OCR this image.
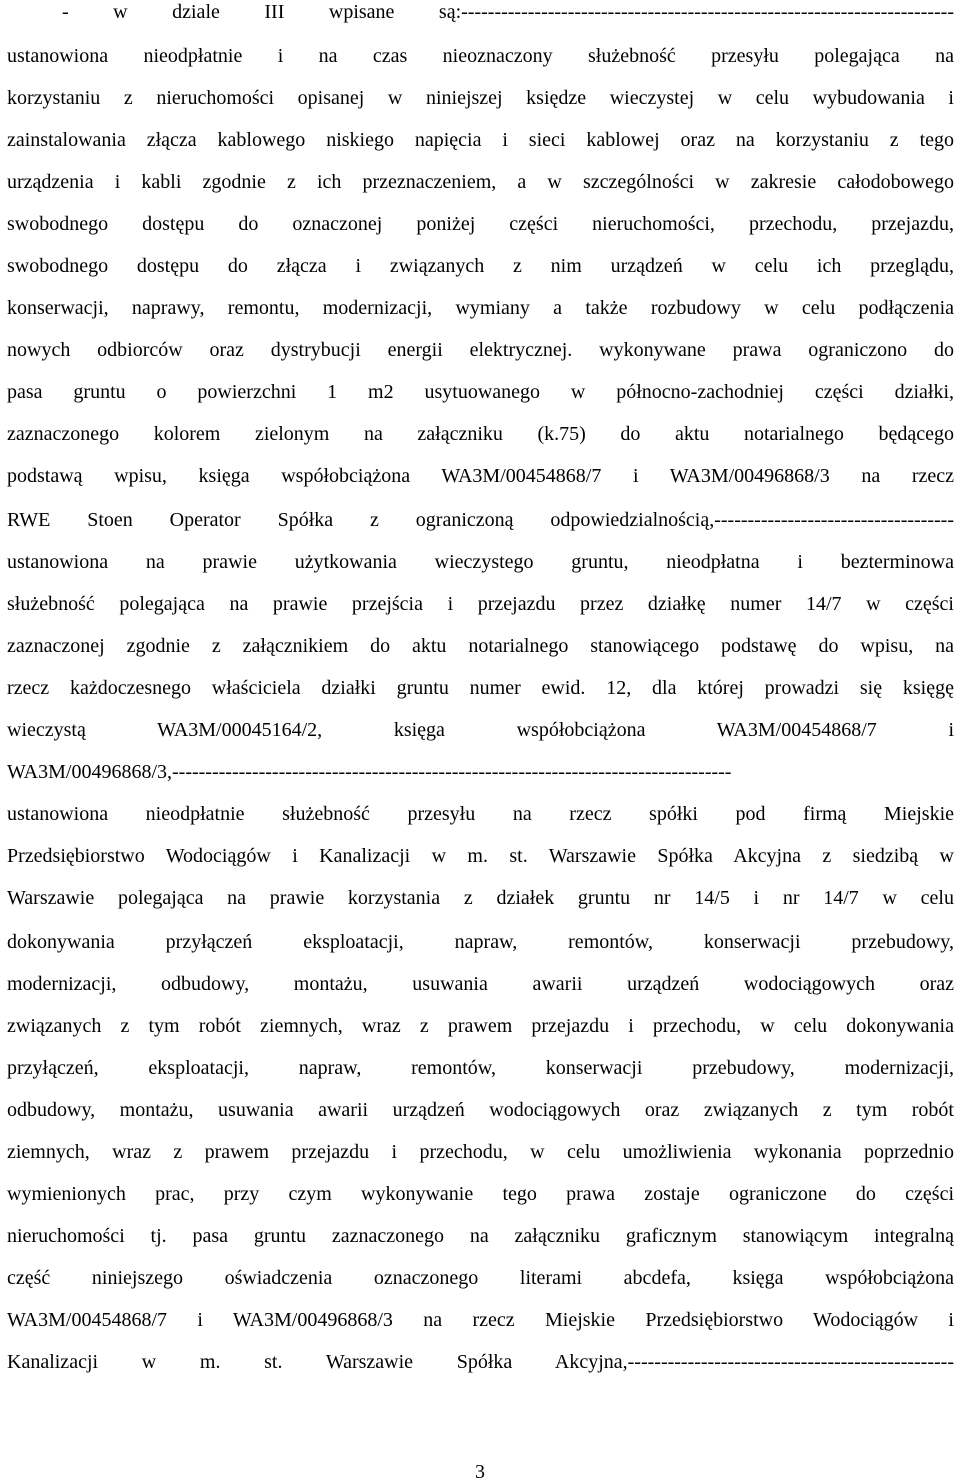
- w dziale III wpisane są:--------------------------------------------------------------------------
ustanowiona nieodpłatnie i na czas nieoznaczony służebność przesyłu polegająca na
korzystaniu z nieruchomości opisanej w niniejszej księdze wieczystej w celu wybudowania i
zainstalowania złącza kablowego niskiego napięcia i sieci kablowej oraz na korzystaniu z tego
urządzenia i kabli zgodnie z ich przeznaczeniem, a w szczególności w zakresie całodobowego
swobodnego dostępu do oznaczonej poniżej części nieruchomości, przechodu, przejazdu,
swobodnego dostępu do złącza i związanych z nim urządzeń w celu ich przeglądu,
konserwacji, naprawy, remontu, modernizacji, wymiany a także rozbudowy w celu podłączenia
nowych odbiorców oraz dystrybucji energii elektrycznej. wykonywane prawa ograniczono do
pasa gruntu o powierzchni 1 m2 usytuowanego w północno-zachodniej części działki,
zaznaczonego kolorem zielonym na załączniku (k.75) do aktu notarialnego będącego
podstawą wpisu, księga współobciążona WA3M/00454868/7 i WA3M/00496868/3 na rzecz
RWE Stoen Operator Spółka z ograniczoną odpowiedzialnością,------------------------------------
ustanowiona na prawie użytkowania wieczystego gruntu, nieodpłatna i bezterminowa
służebność polegająca na prawie przejścia i przejazdu przez działkę numer 14/7 w części
zaznaczonej zgodnie z załącznikiem do aktu notarialnego stanowiącego podstawę do wpisu, na
rzecz każdoczesnego właściciela działki gruntu numer ewid. 12, dla której prowadzi się księgę
wieczystą WA3M/00045164/2, księga współobciążona WA3M/00454868/7 i
WA3M/00496868/3,------------------------------------------------------------------------------------
ustanowiona nieodpłatnie służebność przesyłu na rzecz spółki pod firmą Miejskie
Przedsiębiorstwo Wodociągów i Kanalizacji w m. st. Warszawie Spółka Akcyjna z siedzibą w
Warszawie polegająca na prawie korzystania z działek gruntu nr 14/5 i nr 14/7 w celu
dokonywania przyłączeń eksploatacji, napraw, remontów, konserwacji przebudowy,
modernizacji, odbudowy, montażu, usuwania awarii urządzeń wodociągowych oraz
związanych z tym robót ziemnych, wraz z prawem przejazdu i przechodu, w celu dokonywania
przyłączeń, eksploatacji, napraw, remontów, konserwacji przebudowy, modernizacji,
odbudowy, montażu, usuwania awarii urządzeń wodociągowych oraz związanych z tym robót
ziemnych, wraz z prawem przejazdu i przechodu, w celu umożliwienia wykonania poprzednio
wymienionych prac, przy czym wykonywanie tego prawa zostaje ograniczone do części
nieruchomości tj. pasa gruntu zaznaczonego na załączniku graficznym stanowiącym integralną
część niniejszego oświadczenia oznaczonego literami abcdefa, księga współobciążona
WA3M/00454868/7 i WA3M/00496868/3 na rzecz Miejskie Przedsiębiorstwo Wodociągów i
Kanalizacji w m. st. Warszawie Spółka Akcyjna,-------------------------------------------------
3
